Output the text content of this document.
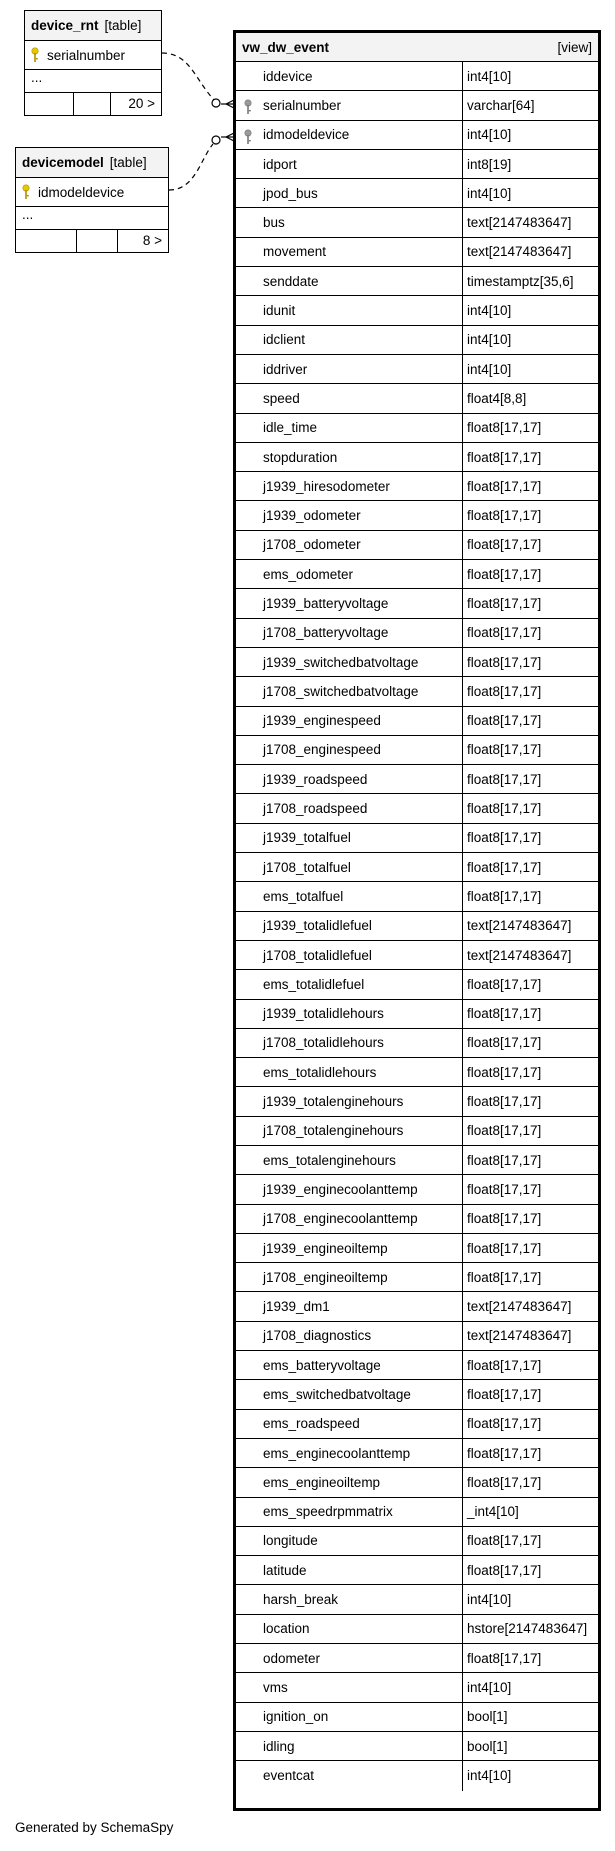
device_rnt [table]
serialnumber
...
20 >
devicemodel [table]
idmodeldevice
...
8 >
vw_dw_event	[view]
iddevice	int4[10]
serialnumber	varchar[64]
idmodeldevice	int4[10]
idport	int8[19]
jpod_bus	int4[10]
bus	text[2147483647]
movement	text[2147483647]
senddate	timestamptz[35,6]
idunit	int4[10]
idclient	int4[10]
iddriver	int4[10]
speed	float4[8,8]
idle_time	float8[17,17]
stopduration	float8[17,17]
j1939_hiresodometer	float8[17,17]
j1939_odometer	float8[17,17]
j1708_odometer	float8[17,17]
ems_odometer	float8[17,17]
j1939_batteryvoltage	float8[17,17]
j1708_batteryvoltage	float8[17,17]
j1939_switchedbatvoltage	float8[17,17]
j1708_switchedbatvoltage	float8[17,17]
j1939_enginespeed	float8[17,17]
j1708_enginespeed	float8[17,17]
j1939_roadspeed	float8[17,17]
j1708_roadspeed	float8[17,17]
j1939_totalfuel	float8[17,17]
j1708_totalfuel	float8[17,17]
ems_totalfuel	float8[17,17]
j1939_totalidlefuel	text[2147483647]
j1708_totalidlefuel	text[2147483647]
ems_totalidlefuel	float8[17,17]
j1939_totalidlehours	float8[17,17]
j1708_totalidlehours	float8[17,17]
ems_totalidlehours	float8[17,17]
j1939_totalenginehours	float8[17,17]
j1708_totalenginehours	float8[17,17]
ems_totalenginehours	float8[17,17]
j1939_enginecoolanttemp	float8[17,17]
j1708_enginecoolanttemp	float8[17,17]
j1939_engineoiltemp	float8[17,17]
j1708_engineoiltemp	float8[17,17]
j1939_dm1	text[2147483647]
j1708_diagnostics	text[2147483647]
ems_batteryvoltage	float8[17,17]
ems_switchedbatvoltage	float8[17,17]
ems_roadspeed	float8[17,17]
ems_enginecoolanttemp	float8[17,17]
ems_engineoiltemp	float8[17,17]
ems_speedrpmmatrix	_int4[10]
longitude	float8[17,17]
latitude	float8[17,17]
harsh_break	int4[10]
location	hstore[2147483647]
odometer	float8[17,17]
vms	int4[10]
ignition_on	bool[1]
idling	bool[1]
eventcat	int4[10]
Generated by SchemaSpy
